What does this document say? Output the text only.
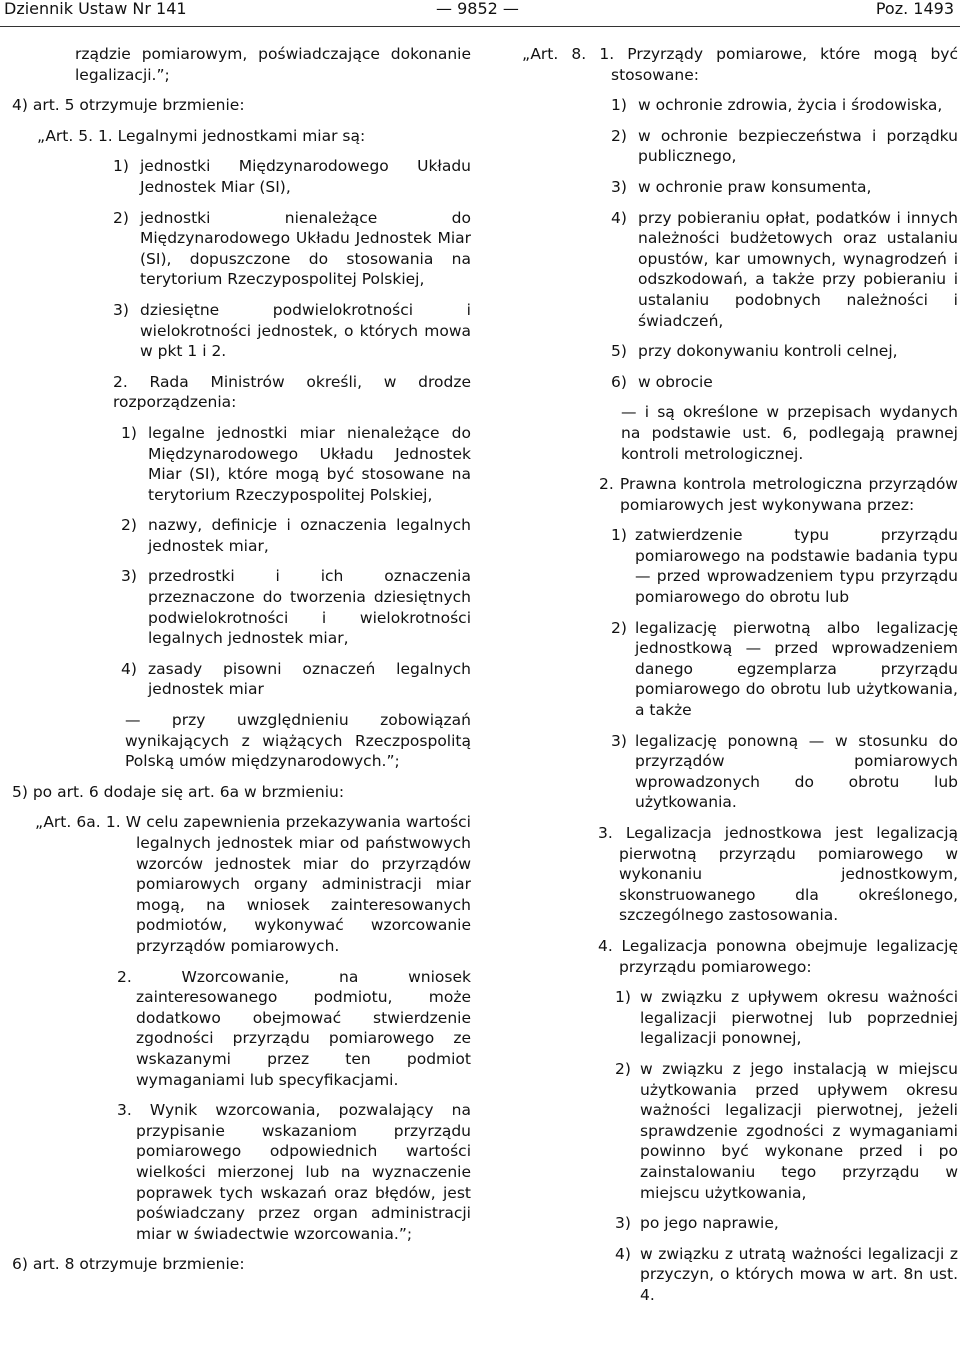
Dziennik Ustaw Nr 141	— 9852 —	Poz. 1493

rządzie pomiarowym, poświadczające dokonanie legalizacji.”;

4) art. 5 otrzymuje brzmienie:

„Art. 5. 1. Legalnymi jednostkami miar są:

1) jednostki Międzynarodowego Układu Jednostek Miar (SI),
2) jednostki nienależące do Międzynarodowego Układu Jednostek Miar (SI), dopuszczone do stosowania na terytorium Rzeczypospolitej Polskiej,
3) dziesiętne podwielokrotności i wielokrotności jednostek, o których mowa w pkt 1 i 2.

2. Rada Ministrów określi, w drodze rozporządzenia:

1) legalne jednostki miar nienależące do Międzynarodowego Układu Jednostek Miar (SI), które mogą być stosowane na terytorium Rzeczypospolitej Polskiej,
2) nazwy, definicje i oznaczenia legalnych jednostek miar,
3) przedrostki i ich oznaczenia przeznaczone do tworzenia dziesiętnych podwielokrotności i wielokrotności legalnych jednostek miar,
4) zasady pisowni oznaczeń legalnych jednostek miar

— przy uwzględnieniu zobowiązań wynikających z wiążących Rzeczpospolitą Polską umów międzynarodowych.”;

5) po art. 6 dodaje się art. 6a w brzmieniu:

„Art. 6a. 1. W celu zapewnienia przekazywania wartości legalnych jednostek miar od państwowych wzorców jednostek miar do przyrządów pomiarowych organy administracji miar mogą, na wniosek zainteresowanych podmiotów, wykonywać wzorcowanie przyrządów pomiarowych.

2. Wzorcowanie, na wniosek zainteresowanego podmiotu, może dodatkowo obejmować stwierdzenie zgodności przyrządu pomiarowego ze wskazanymi przez ten podmiot wymaganiami lub specyfikacjami.

3. Wynik wzorcowania, pozwalający na przypisanie wskazaniom przyrządu pomiarowego odpowiednich wartości wielkości mierzonej lub na wyznaczenie poprawek tych wskazań oraz błędów, jest poświadczany przez organ administracji miar w świadectwie wzorcowania.”;

6) art. 8 otrzymuje brzmienie:

„Art. 8. 1. Przyrządy pomiarowe, które mogą być stosowane:

1) w ochronie zdrowia, życia i środowiska,
2) w ochronie bezpieczeństwa i porządku publicznego,
3) w ochronie praw konsumenta,
4) przy pobieraniu opłat, podatków i innych należności budżetowych oraz ustalaniu opustów, kar umownych, wynagrodzeń i odszkodowań, a także przy pobieraniu i ustalaniu podobnych należności i świadczeń,
5) przy dokonywaniu kontroli celnej,
6) w obrocie

— i są określone w przepisach wydanych na podstawie ust. 6, podlegają prawnej kontroli metrologicznej.

2. Prawna kontrola metrologiczna przyrządów pomiarowych jest wykonywana przez:

1) zatwierdzenie typu przyrządu pomiarowego na podstawie badania typu — przed wprowadzeniem typu przyrządu pomiarowego do obrotu lub
2) legalizację pierwotną albo legalizację jednostkową — przed wprowadzeniem danego egzemplarza przyrządu pomiarowego do obrotu lub użytkowania, a także
3) legalizację ponowną — w stosunku do przyrządów pomiarowych wprowadzonych do obrotu lub użytkowania.

3. Legalizacja jednostkowa jest legalizacją pierwotną przyrządu pomiarowego w wykonaniu jednostkowym, skonstruowanego dla określonego, szczególnego zastosowania.

4. Legalizacja ponowna obejmuje legalizację przyrządu pomiarowego:

1) w związku z upływem okresu ważności legalizacji pierwotnej lub poprzedniej legalizacji ponownej,
2) w związku z jego instalacją w miejscu użytkowania przed upływem okresu ważności legalizacji pierwotnej, jeżeli sprawdzenie zgodności z wymaganiami powinno być wykonane przed i po zainstalowaniu tego przyrządu w miejscu użytkowania,
3) po jego naprawie,
4) w związku z utratą ważności legalizacji z przyczyn, o których mowa w art. 8n ust. 4.
